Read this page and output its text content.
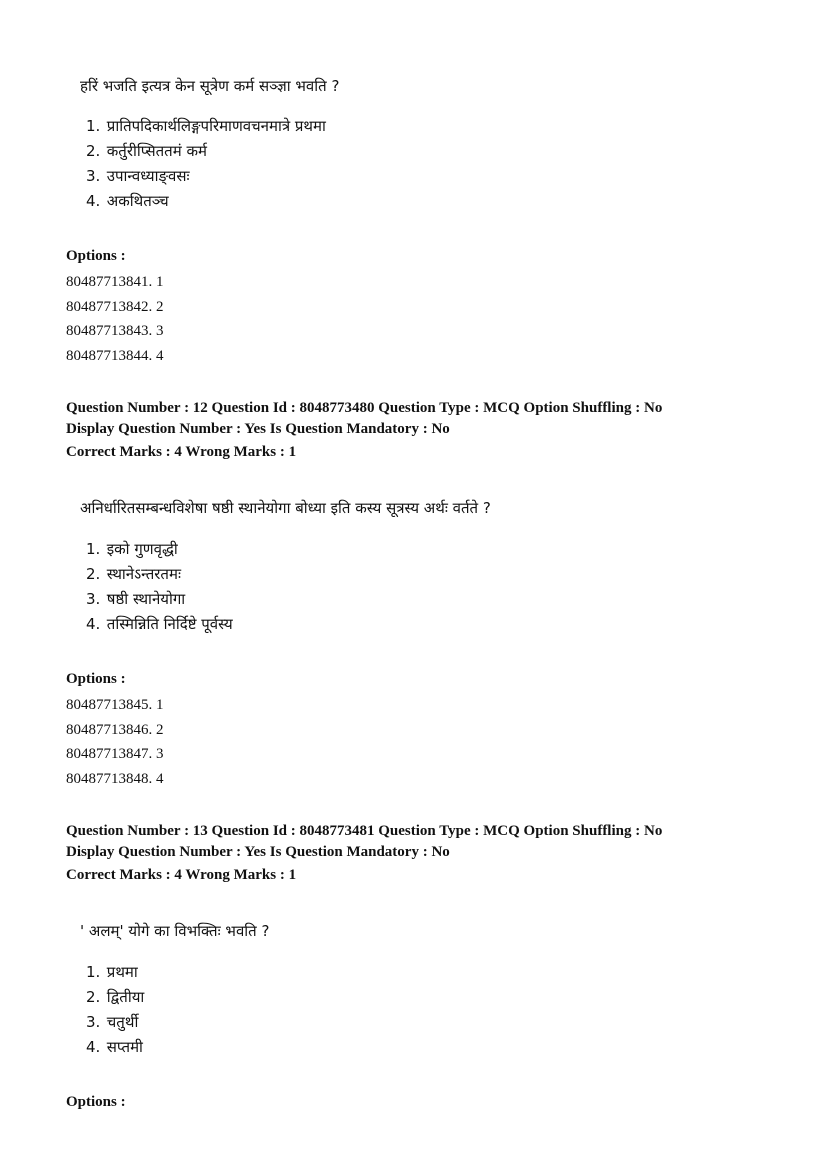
हरिं भजति इत्यत्र केन सूत्रेण कर्म सञ्ज्ञा भवति ?
1. प्रातिपदिकार्थलिङ्गपरिमाणवचनमात्रे प्रथमा
2. कर्तुरीप्सिततमं कर्म
3. उपान्वध्याङ्वसः
4. अकथितञ्च
Options :
80487713841. 1
80487713842. 2
80487713843. 3
80487713844. 4
Question Number : 12 Question Id : 8048773480 Question Type : MCQ Option Shuffling : No
Display Question Number : Yes Is Question Mandatory : No
Correct Marks : 4 Wrong Marks : 1
अनिर्धारितसम्बन्धविशेषा षष्ठी स्थानेयोगा बोध्या इति कस्य सूत्रस्य अर्थः वर्तते ?
1. इको गुणवृद्धी
2. स्थानेऽन्तरतमः
3. षष्ठी स्थानेयोगा
4. तस्मिन्निति निर्दिष्टे पूर्वस्य
Options :
80487713845. 1
80487713846. 2
80487713847. 3
80487713848. 4
Question Number : 13 Question Id : 8048773481 Question Type : MCQ Option Shuffling : No
Display Question Number : Yes Is Question Mandatory : No
Correct Marks : 4 Wrong Marks : 1
' अलम्' योगे का विभक्तिः भवति ?
1. प्रथमा
2. द्वितीया
3. चतुर्थी
4. सप्तमी
Options :
